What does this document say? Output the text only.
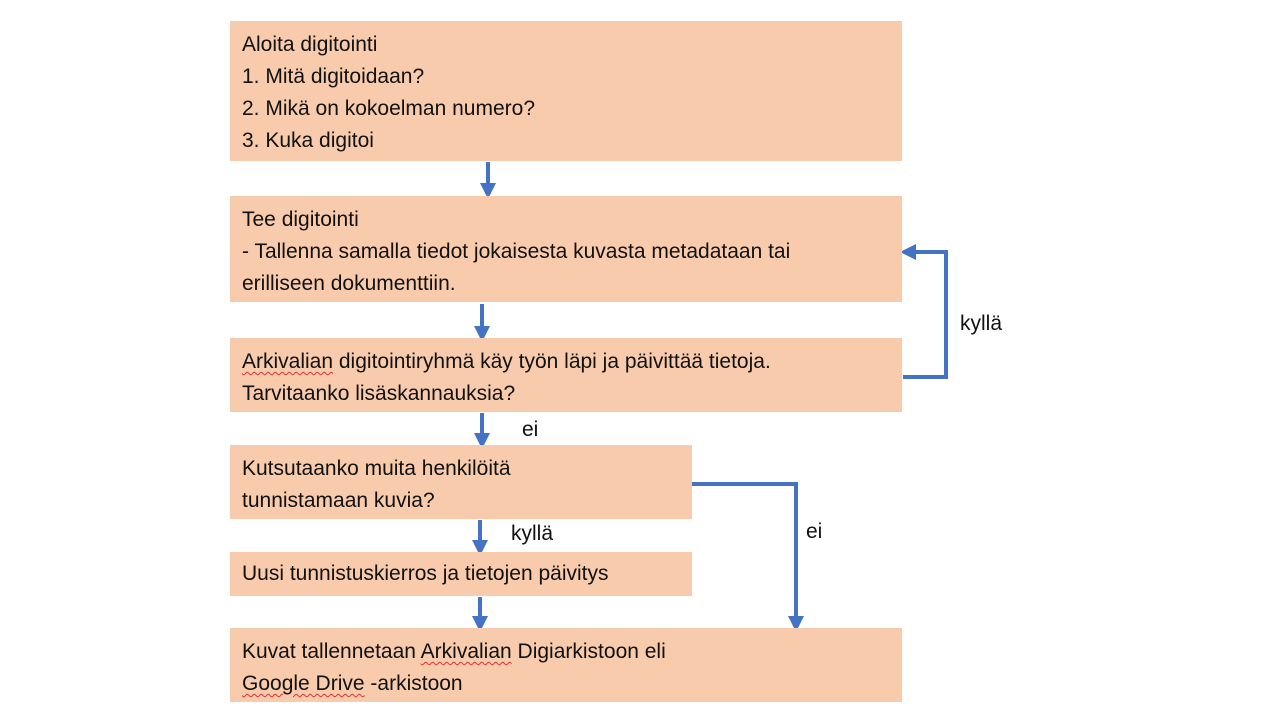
Aloita digitointi
1. Mitä digitoidaan?
2. Mikä on kokoelman numero?
3. Kuka digitoi
Tee digitointi
- Tallenna samalla tiedot jokaisesta kuvasta metadataan tai
erilliseen dokumenttiin.
Arkivalian digitointiryhmä käy työn läpi ja päivittää tietoja.
Tarvitaanko lisäskannauksia?
Kutsutaanko muita henkilöitä
tunnistamaan kuvia?
Uusi tunnistuskierros ja tietojen päivitys
Kuvat tallennetaan Arkivalian Digiarkistoon eli
Google Drive -arkistoon
kyllä
ei
kyllä	ei
